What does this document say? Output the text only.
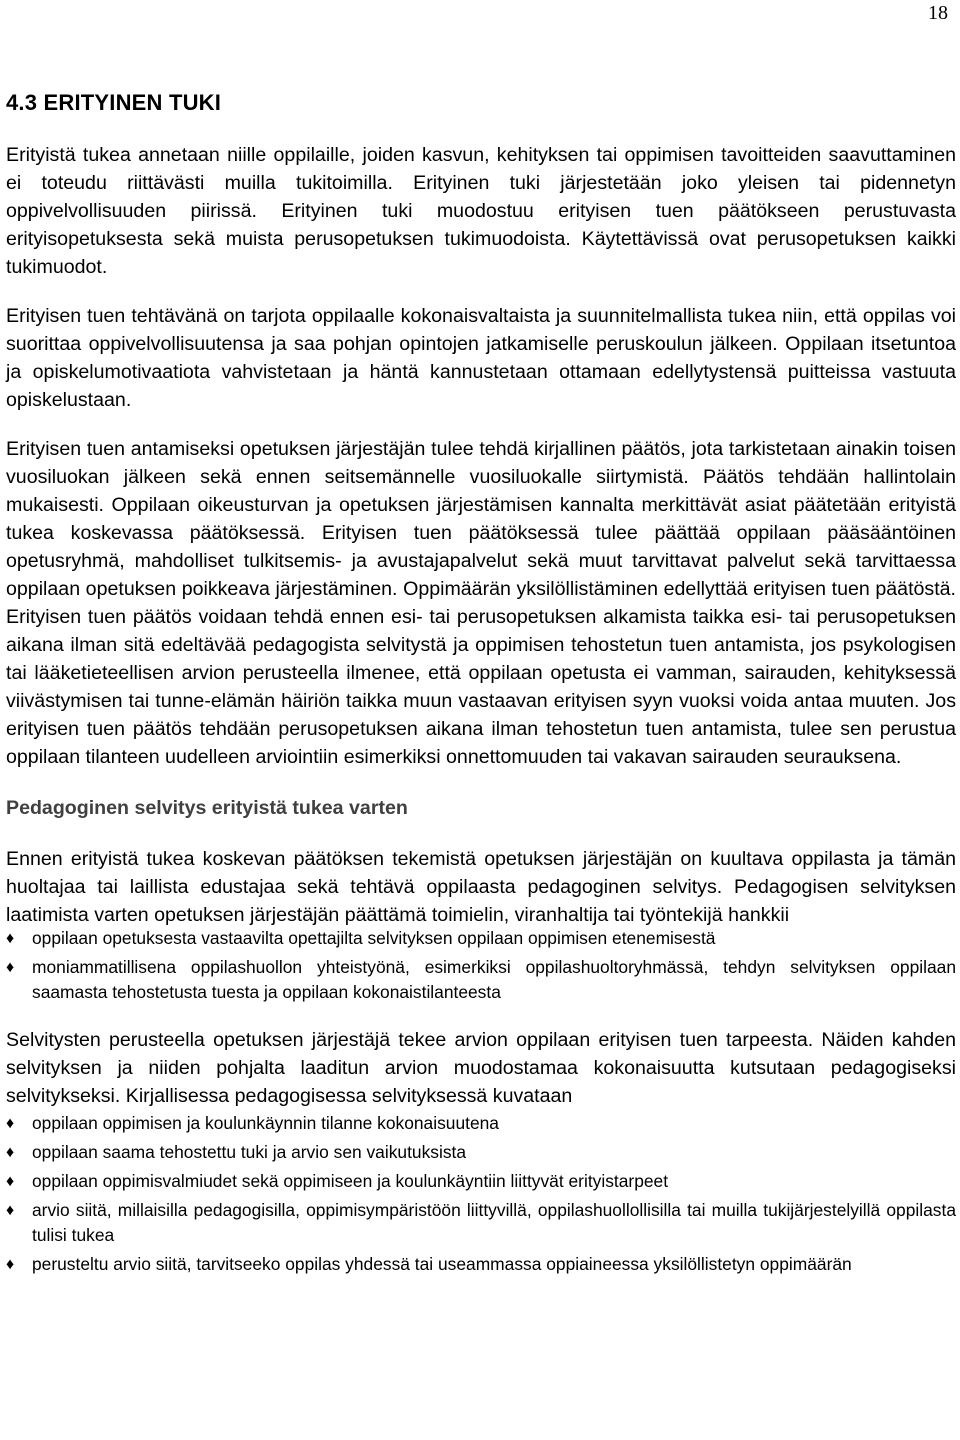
18
4.3 ERITYINEN TUKI

Erityistä tukea annetaan niille oppilaille, joiden kasvun, kehityksen tai oppimisen tavoitteiden saavuttaminen ei toteudu riittävästi muilla tukitoimilla. Erityinen tuki järjestetään joko yleisen tai pidennetyn oppivelvollisuuden piirissä. Erityinen tuki muodostuu erityisen tuen päätökseen perustuvasta erityisopetuksesta sekä muista perusopetuksen tukimuodoista. Käytettävissä ovat perusopetuksen kaikki tukimuodot.

Erityisen tuen tehtävänä on tarjota oppilaalle kokonaisvaltaista ja suunnitelmallista tukea niin, että oppilas voi suorittaa oppivelvollisuutensa ja saa pohjan opintojen jatkamiselle peruskoulun jälkeen. Oppilaan itsetuntoa ja opiskelumotivaatiota vahvistetaan ja häntä kannustetaan ottamaan edellytystensä puitteissa vastuuta opiskelustaan.

Erityisen tuen antamiseksi opetuksen järjestäjän tulee tehdä kirjallinen päätös, jota tarkistetaan ainakin toisen vuosiluokan jälkeen sekä ennen seitsemännelle vuosiluokalle siirtymistä. Päätös tehdään hallintolain mukaisesti. Oppilaan oikeusturvan ja opetuksen järjestämisen kannalta merkittävät asiat päätetään erityistä tukea koskevassa päätöksessä. Erityisen tuen päätöksessä tulee päättää oppilaan pääsääntöinen opetusryhmä, mahdolliset tulkitsemis- ja avustajapalvelut sekä muut tarvittavat palvelut sekä tarvittaessa oppilaan opetuksen poikkeava järjestäminen. Oppimäärän yksilöllistäminen edellyttää erityisen tuen päätöstä. Erityisen tuen päätös voidaan tehdä ennen esi- tai perusopetuksen alkamista taikka esi- tai perusopetuksen aikana ilman sitä edeltävää pedagogista selvitystä ja oppimisen tehostetun tuen antamista, jos psykologisen tai lääketieteellisen arvion perusteella ilmenee, että oppilaan opetusta ei vamman, sairauden, kehityksessä viivästymisen tai tunne-elämän häiriön taikka muun vastaavan erityisen syyn vuoksi voida antaa muuten. Jos erityisen tuen päätös tehdään perusopetuksen aikana ilman tehostetun tuen antamista, tulee sen perustua oppilaan tilanteen uudelleen arviointiin esimerkiksi onnettomuuden tai vakavan sairauden seurauksena.

Pedagoginen selvitys erityistä tukea varten

Ennen erityistä tukea koskevan päätöksen tekemistä opetuksen järjestäjän on kuultava oppilasta ja tämän huoltajaa tai laillista edustajaa sekä tehtävä oppilaasta pedagoginen selvitys. Pedagogisen selvityksen laatimista varten opetuksen järjestäjän päättämä toimielin, viranhaltija tai työntekijä hankkii

♦	oppilaan opetuksesta vastaavilta opettajilta selvityksen oppilaan oppimisen etenemisestä
♦	moniammatillisena oppilashuollon yhteistyönä, esimerkiksi oppilashuoltoryhmässä, tehdyn selvityksen oppilaan saamasta tehostetusta tuesta ja oppilaan kokonaistilanteesta

Selvitysten perusteella opetuksen järjestäjä tekee arvion oppilaan erityisen tuen tarpeesta. Näiden kahden selvityksen ja niiden pohjalta laaditun arvion muodostamaa kokonaisuutta kutsutaan pedagogiseksi selvitykseksi. Kirjallisessa pedagogisessa selvityksessä kuvataan

♦	oppilaan oppimisen ja koulunkäynnin tilanne kokonaisuutena
♦	oppilaan saama tehostettu tuki ja arvio sen vaikutuksista
♦	oppilaan oppimisvalmiudet sekä oppimiseen ja koulunkäyntiin liittyvät erityistarpeet
♦	arvio siitä, millaisilla pedagogisilla, oppimisympäristöön liittyvillä, oppilashuollollisilla tai muilla tukijärjestelyillä oppilasta tulisi tukea
♦	perusteltu arvio siitä, tarvitseeko oppilas yhdessä tai useammassa oppiaineessa yksilöllistetyn oppimäärän
